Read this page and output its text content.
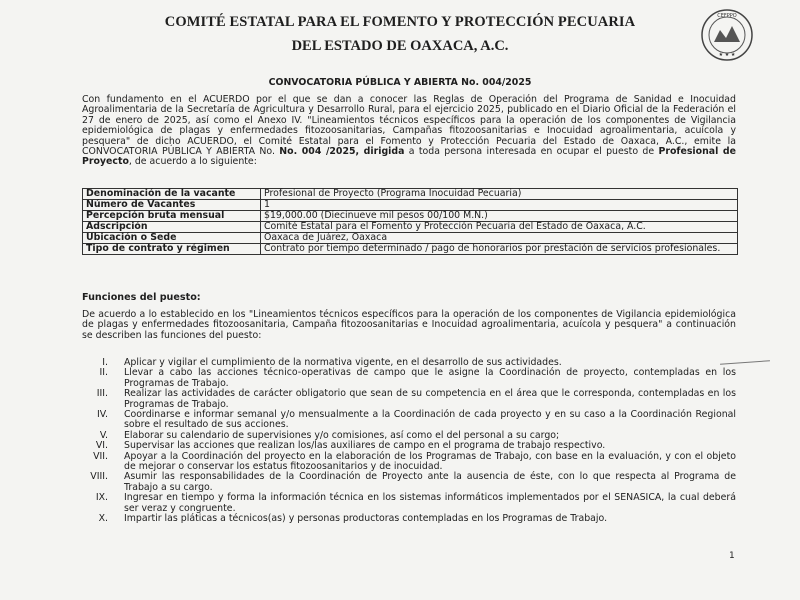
CEFPPO
★ ★ ★
COMITÉ ESTATAL PARA EL FOMENTO Y PROTECCIÓN PECUARIA
DEL ESTADO DE OAXACA, A.C.
CONVOCATORIA PÚBLICA Y ABIERTA No. 004/2025

Con fundamento en el ACUERDO por el que se dan a conocer las Reglas de Operación del Programa de Sanidad e Inocuidad Agroalimentaria de la Secretaría de Agricultura y Desarrollo Rural, para el ejercicio 2025, publicado en el Diario Oficial de la Federación el 27 de enero de 2025, así como el Anexo IV. "Lineamientos técnicos específicos para la operación de los componentes de Vigilancia epidemiológica de plagas y enfermedades fitozoosanitarias, Campañas fitozoosanitarias e Inocuidad agroalimentaria, acuícola y pesquera" de dicho ACUERDO, el Comité Estatal para el Fomento y Protección Pecuaria del Estado de Oaxaca, A.C., emite la CONVOCATORIA PÚBLICA Y ABIERTA No. No. 004 /2025, dirigida a toda persona interesada en ocupar el puesto de Profesional de Proyecto, de acuerdo a lo siguiente:

Denominación de la vacante	Profesional de Proyecto (Programa Inocuidad Pecuaria)
Número de Vacantes	1
Percepción bruta mensual	$19,000.00 (Diecinueve mil pesos 00/100 M.N.)
Adscripción	Comité Estatal para el Fomento y Protección Pecuaria del Estado de Oaxaca, A.C.
Ubicación o Sede	Oaxaca de Juárez, Oaxaca
Tipo de contrato y régimen	Contrato por tiempo determinado / pago de honorarios por prestación de servicios profesionales.
Funciones del puesto:

De acuerdo a lo establecido en los "Lineamientos técnicos específicos para la operación de los componentes de Vigilancia epidemiológica de plagas y enfermedades fitozoosanitaria, Campaña fitozoosanitarias e Inocuidad agroalimentaria, acuícola y pesquera" a continuación se describen las funciones del puesto:

I. Aplicar y vigilar el cumplimiento de la normativa vigente, en el desarrollo de sus actividades.
II. Llevar a cabo las acciones técnico-operativas de campo que le asigne la Coordinación de proyecto, contempladas en los Programas de Trabajo.
III. Realizar las actividades de carácter obligatorio que sean de su competencia en el área que le corresponda, contempladas en los Programas de Trabajo.
IV. Coordinarse e informar semanal y/o mensualmente a la Coordinación de cada proyecto y en su caso a la Coordinación Regional sobre el resultado de sus acciones.
V. Elaborar su calendario de supervisiones y/o comisiones, así como el del personal a su cargo;
VI. Supervisar las acciones que realizan los/las auxiliares de campo en el programa de trabajo respectivo.
VII. Apoyar a la Coordinación del proyecto en la elaboración de los Programas de Trabajo, con base en la evaluación, y con el objeto de mejorar o conservar los estatus fitozoosanitarios y de inocuidad.
VIII. Asumir las responsabilidades de la Coordinación de Proyecto ante la ausencia de éste, con lo que respecta al Programa de Trabajo a su cargo.
IX. Ingresar en tiempo y forma la información técnica en los sistemas informáticos implementados por el SENASICA, la cual deberá ser veraz y congruente.
X. Impartir las pláticas a técnicos(as) y personas productoras contempladas en los Programas de Trabajo.
1
